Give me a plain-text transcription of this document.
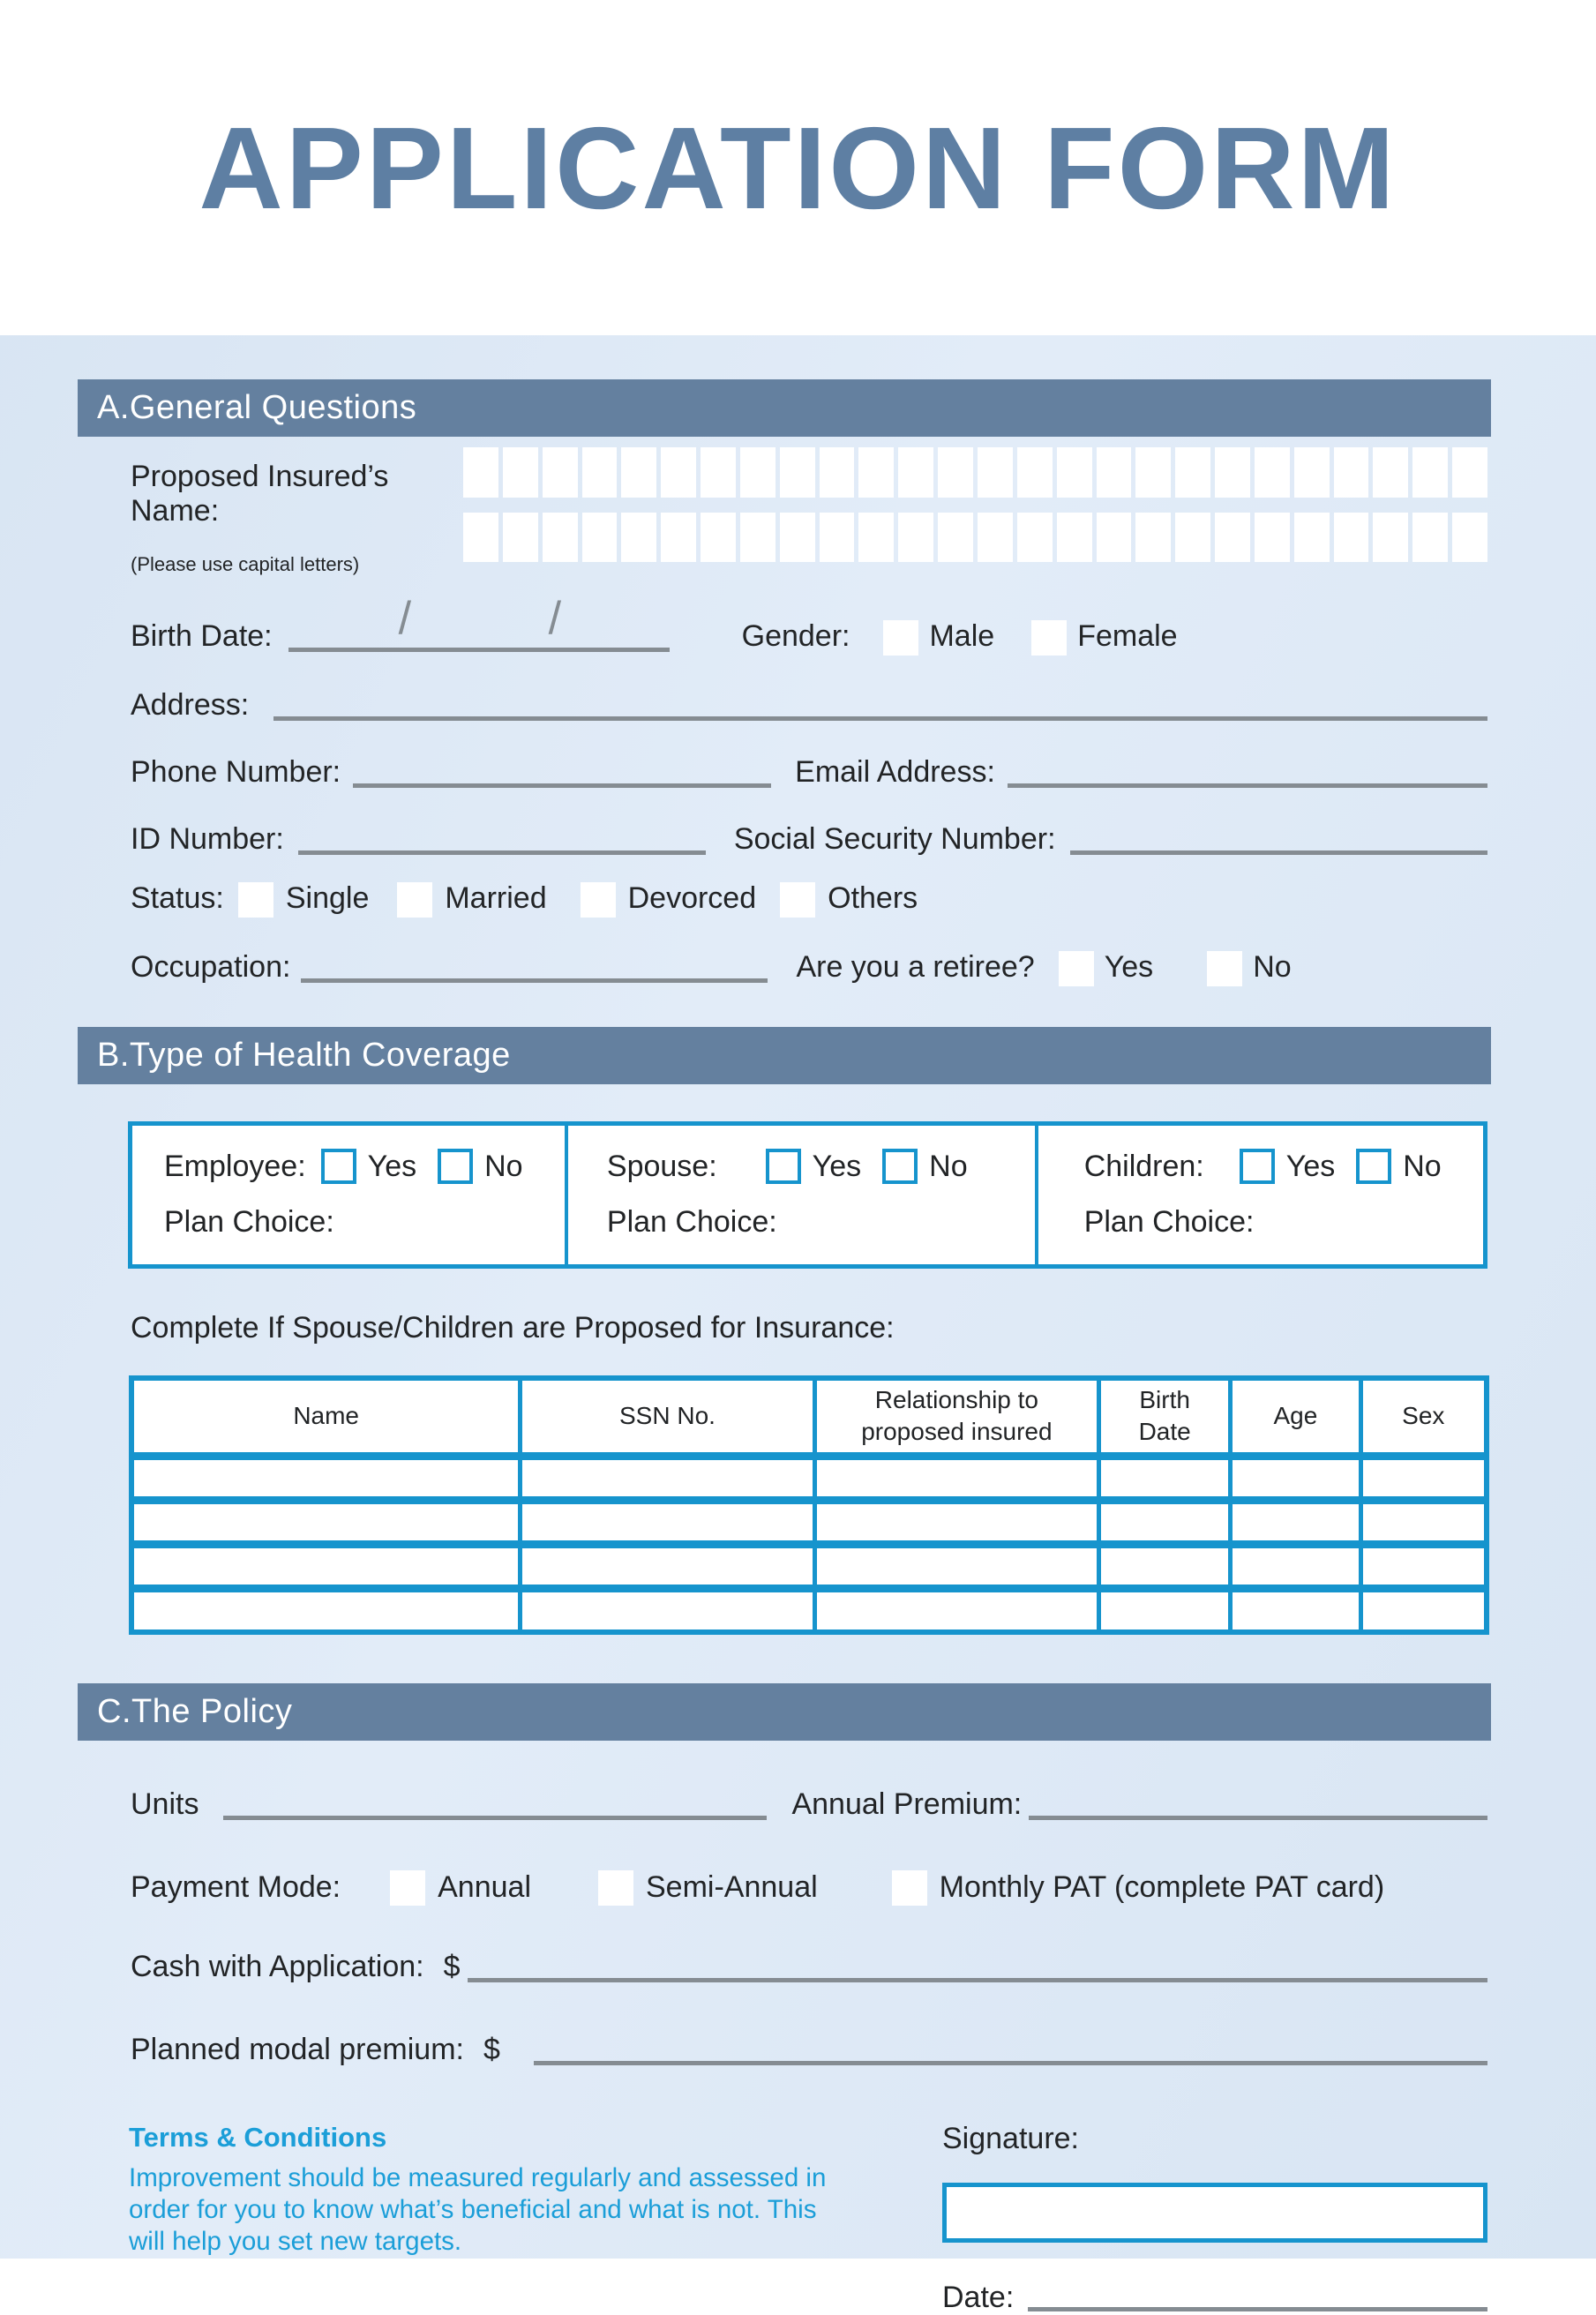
APPLICATION FORM
A.General Questions
Proposed Insured’s Name:
(Please use capital letters)
Birth Date:	/	/	Gender:	Male	Female
Address:
Phone Number:	Email Address:
ID Number:	Social Security Number:
Status: Single	Married	Devorced Others
Occupation:	Are you a retiree? Yes	No
B.Type of Health Coverage
Employee: Yes No
Plan Choice:
Spouse:	Yes No
Plan Choice:
Children:	Yes No
Plan Choice:
Complete If Spouse/Children are Proposed for Insurance:
Name	SSN No.	Relationship to proposed insured	Birth Date	Age	Sex

C.The Policy
Units	Annual Premium:
Payment Mode:	Annual	Semi-Annual	Monthly PAT (complete PAT card)
Cash with Application: $
Planned modal premium: $
Terms & Conditions
Improvement should be measured regularly and assessed in order for you to know what’s beneficial and what is not. This will help you set new targets.
Signature:
Date:
